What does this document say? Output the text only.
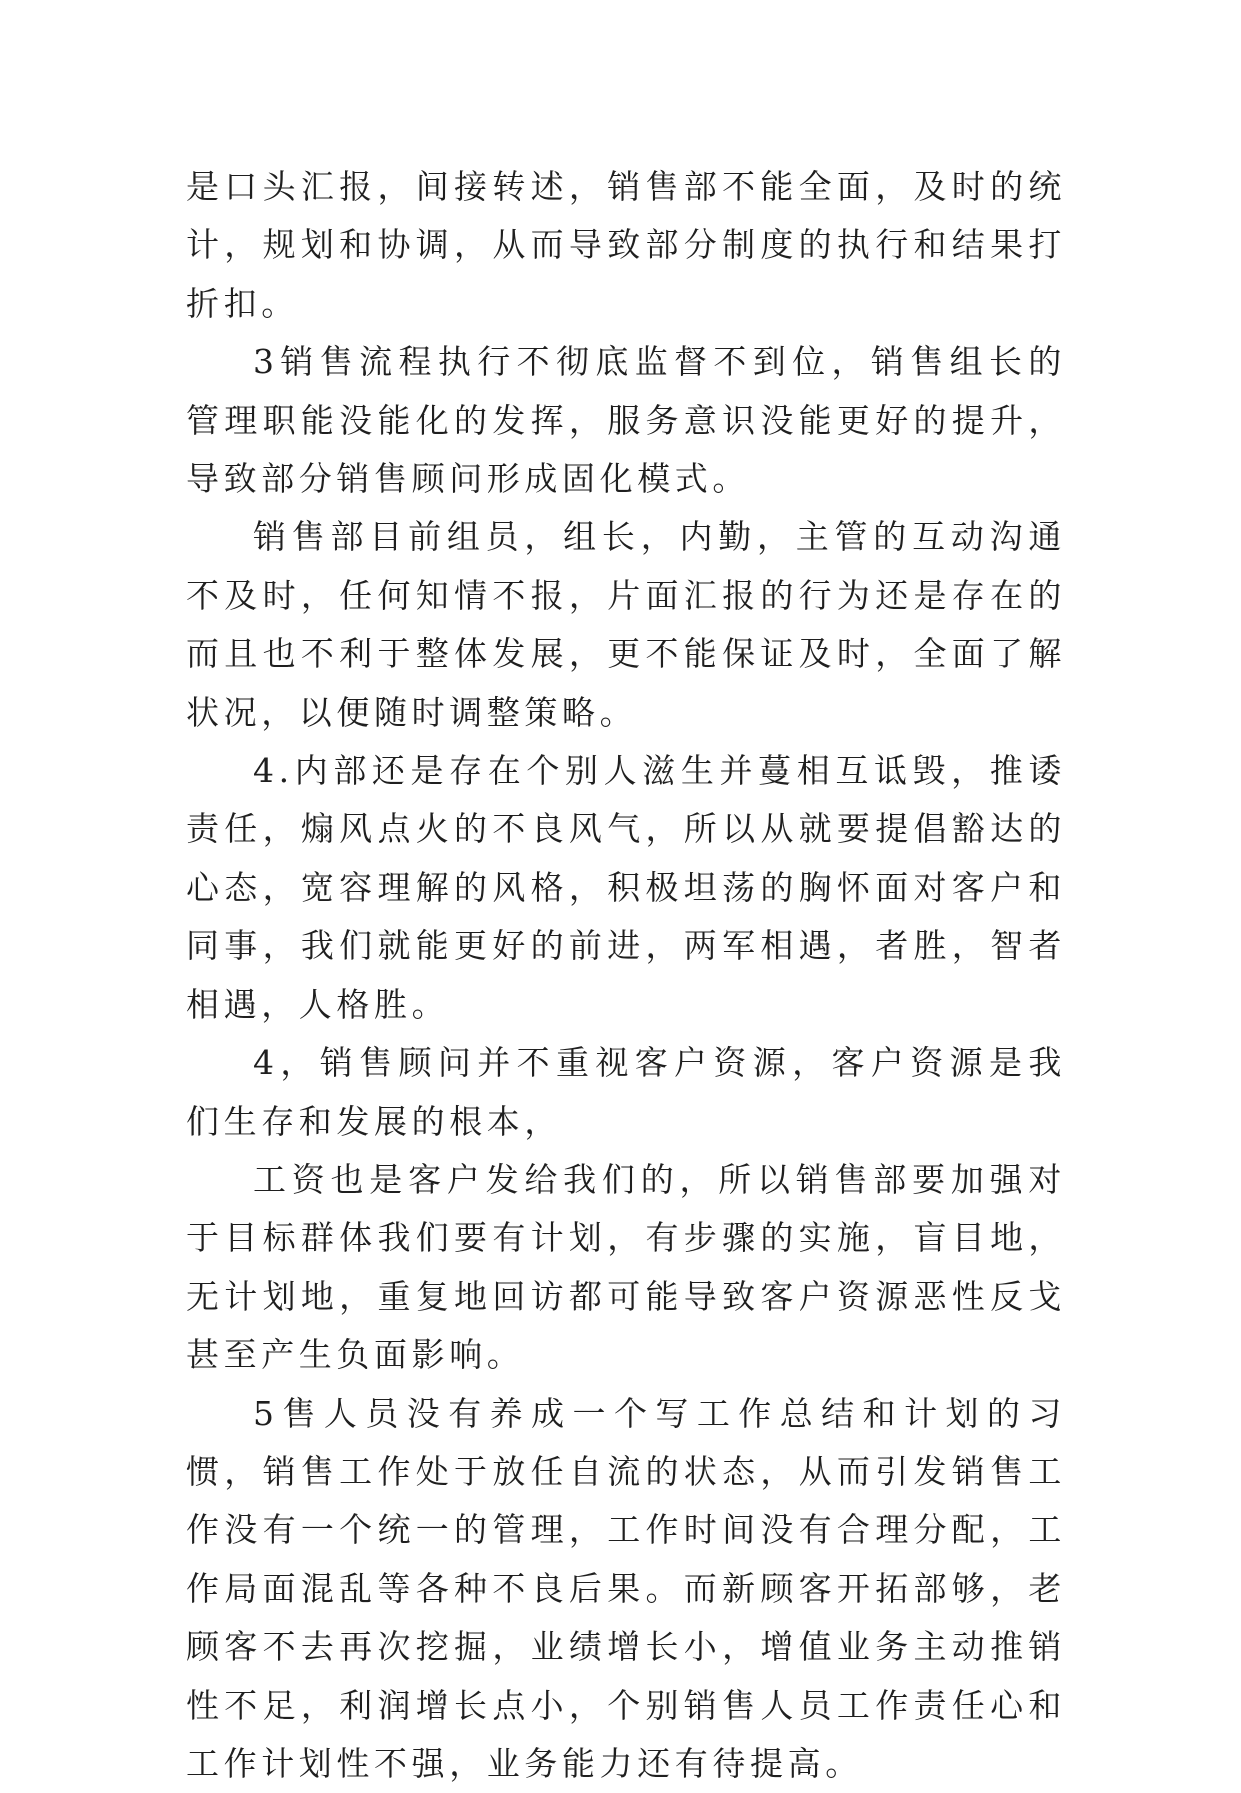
是口头汇报，间接转述，销售部不能全面，及时的统计，规划和协调，从而导致部分制度的执行和结果打折扣。

3销售流程执行不彻底监督不到位，销售组长的管理职能没能化的发挥，服务意识没能更好的提升，导致部分销售顾问形成固化模式。

销售部目前组员，组长，内勤，主管的互动沟通不及时，任何知情不报，片面汇报的行为还是存在的而且也不利于整体发展，更不能保证及时，全面了解状况，以便随时调整策略。

4.内部还是存在个别人滋生并蔓相互诋毁，推诿责任，煽风点火的不良风气，所以从就要提倡豁达的心态，宽容理解的风格，积极坦荡的胸怀面对客户和同事，我们就能更好的前进，两军相遇，者胜，智者相遇，人格胜。

4，销售顾问并不重视客户资源，客户资源是我们生存和发展的根本，

工资也是客户发给我们的，所以销售部要加强对于目标群体我们要有计划，有步骤的实施，盲目地，无计划地，重复地回访都可能导致客户资源恶性反戈甚至产生负面影响。

5售人员没有养成一个写工作总结和计划的习惯，销售工作处于放任自流的状态，从而引发销售工作没有一个统一的管理，工作时间没有合理分配，工作局面混乱等各种不良后果。而新顾客开拓部够，老顾客不去再次挖掘，业绩增长小，增值业务主动推销性不足，利润增长点小，个别销售人员工作责任心和工作计划性不强，业务能力还有待提高。
